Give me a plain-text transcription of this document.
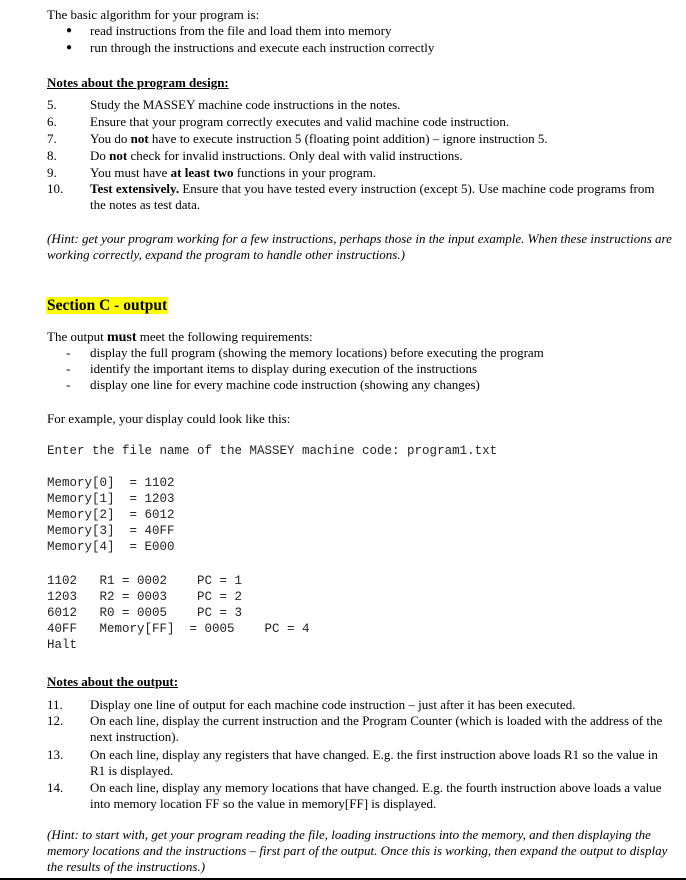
The basic algorithm for your program is:
● read instructions from the file and load them into memory
● run through the instructions and execute each instruction correctly
Notes about the program design:
5.	Study the MASSEY machine code instructions in the notes.
6.	Ensure that your program correctly executes and valid machine code instruction.
7.	You do not have to execute instruction 5 (floating point addition) – ignore instruction 5.
8.	Do not check for invalid instructions. Only deal with valid instructions.
9.	You must have at least two functions in your program.
10. Test extensively. Ensure that you have tested every instruction (except 5). Use machine code programs from the notes as test data.
(Hint: get your program working for a few instructions, perhaps those in the input example. When these instructions are working correctly, expand the program to handle other instructions.)
Section C - output
The output must meet the following requirements:
- display the full program (showing the memory locations) before executing the program
- identify the important items to display during execution of the instructions
- display one line for every machine code instruction (showing any changes)
For example, your display could look like this:
Enter the file name of the MASSEY machine code: program1.txt
Memory[0]  = 1102
Memory[1]  = 1203
Memory[2]  = 6012
Memory[3]  = 40FF
Memory[4]  = E000
1102   R1 = 0002    PC = 1
1203   R2 = 0003    PC = 2
6012   R0 = 0005    PC = 3
40FF   Memory[FF]  = 0005    PC = 4
Halt
Notes about the output:
11. Display one line of output for each machine code instruction – just after it has been executed.
12. On each line, display the current instruction and the Program Counter (which is loaded with the address of the next instruction).
13. On each line, display any registers that have changed. E.g. the first instruction above loads R1 so the value in R1 is displayed.
14. On each line, display any memory locations that have changed. E.g. the fourth instruction above loads a value into memory location FF so the value in memory[FF] is displayed.
(Hint: to start with, get your program reading the file, loading instructions into the memory, and then displaying the memory locations and the instructions – first part of the output. Once this is working, then expand the output to display the results of the instructions.)
